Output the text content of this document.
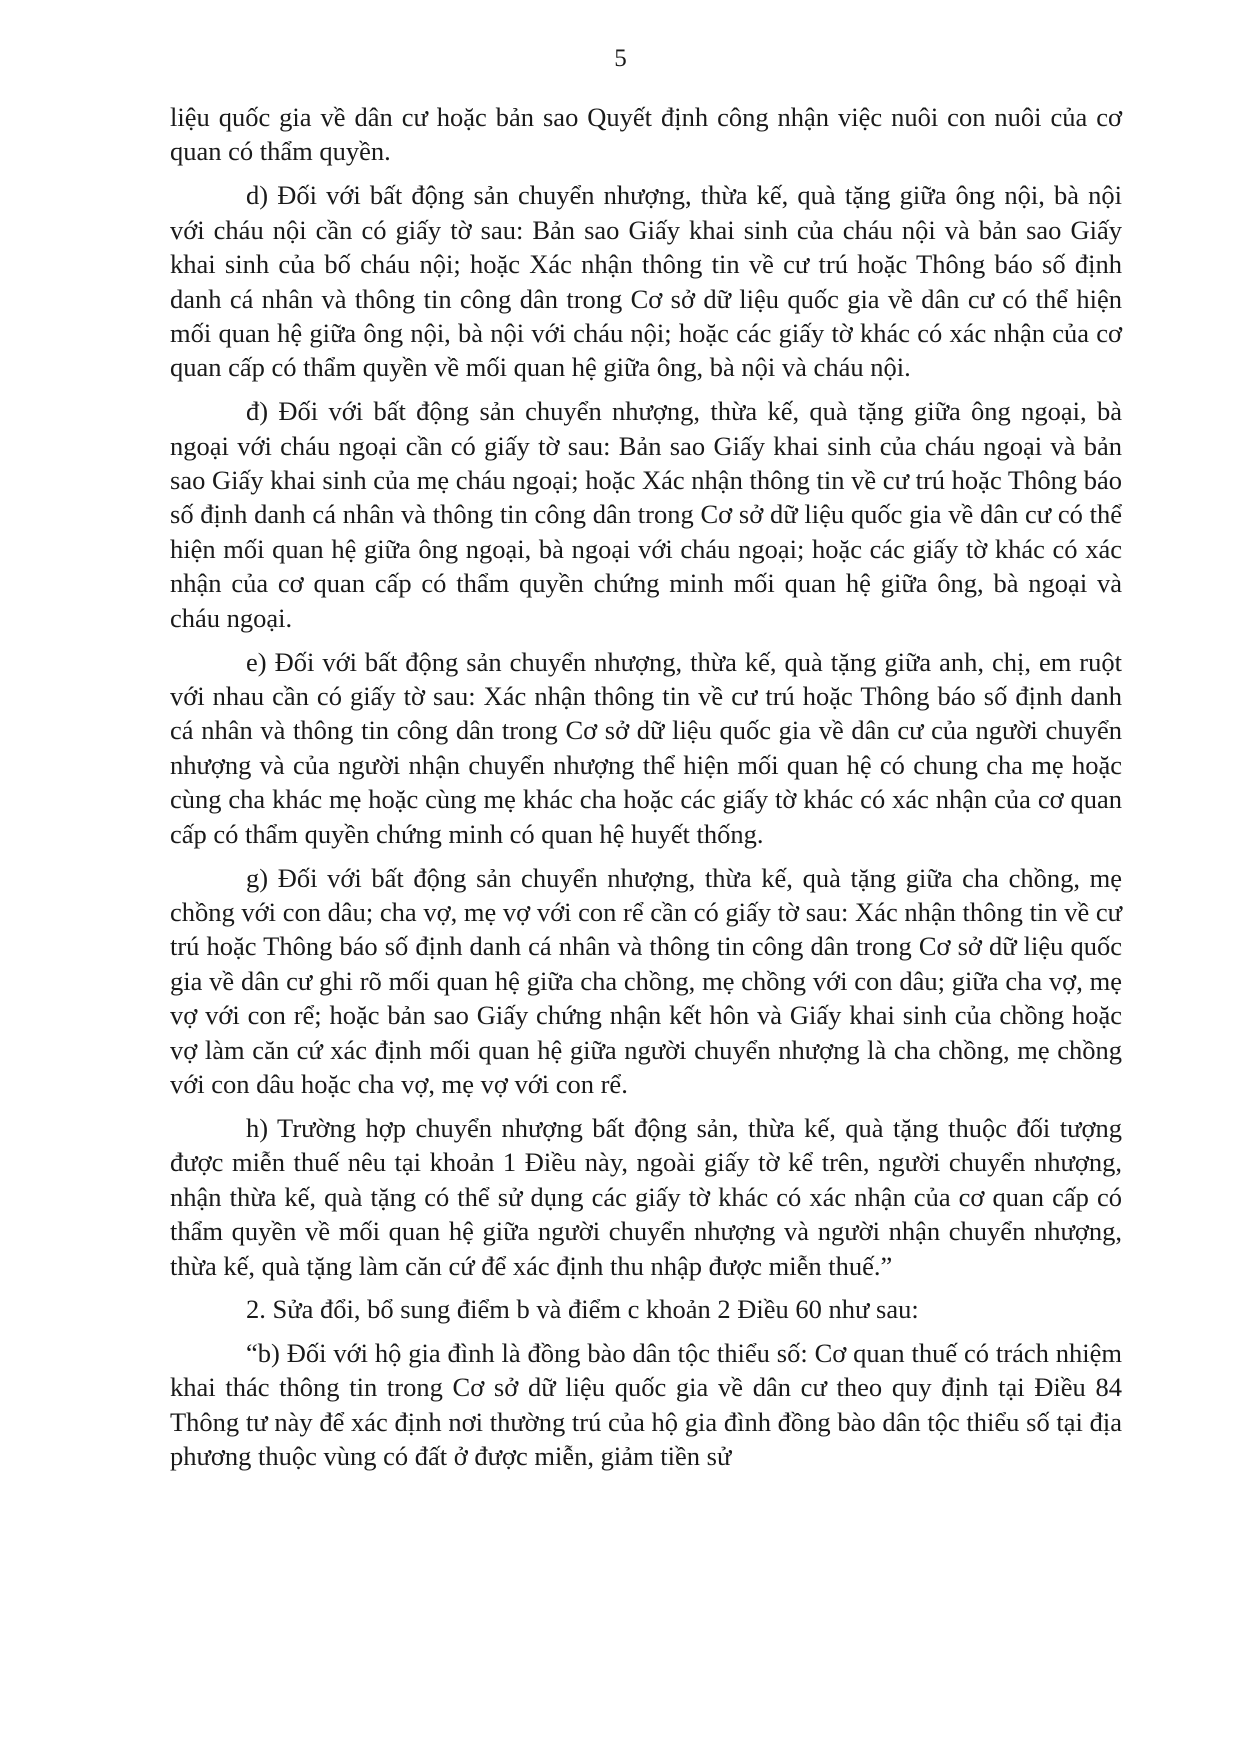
5

liệu quốc gia về dân cư hoặc bản sao Quyết định công nhận việc nuôi con nuôi của cơ quan có thẩm quyền.

d) Đối với bất động sản chuyển nhượng, thừa kế, quà tặng giữa ông nội, bà nội với cháu nội cần có giấy tờ sau: Bản sao Giấy khai sinh của cháu nội và bản sao Giấy khai sinh của bố cháu nội; hoặc Xác nhận thông tin về cư trú hoặc Thông báo số định danh cá nhân và thông tin công dân trong Cơ sở dữ liệu quốc gia về dân cư có thể hiện mối quan hệ giữa ông nội, bà nội với cháu nội; hoặc các giấy tờ khác có xác nhận của cơ quan cấp có thẩm quyền về mối quan hệ giữa ông, bà nội và cháu nội.

đ) Đối với bất động sản chuyển nhượng, thừa kế, quà tặng giữa ông ngoại, bà ngoại với cháu ngoại cần có giấy tờ sau: Bản sao Giấy khai sinh của cháu ngoại và bản sao Giấy khai sinh của mẹ cháu ngoại; hoặc Xác nhận thông tin về cư trú hoặc Thông báo số định danh cá nhân và thông tin công dân trong Cơ sở dữ liệu quốc gia về dân cư có thể hiện mối quan hệ giữa ông ngoại, bà ngoại với cháu ngoại; hoặc các giấy tờ khác có xác nhận của cơ quan cấp có thẩm quyền chứng minh mối quan hệ giữa ông, bà ngoại và cháu ngoại.

e) Đối với bất động sản chuyển nhượng, thừa kế, quà tặng giữa anh, chị, em ruột với nhau cần có giấy tờ sau: Xác nhận thông tin về cư trú hoặc Thông báo số định danh cá nhân và thông tin công dân trong Cơ sở dữ liệu quốc gia về dân cư của người chuyển nhượng và của người nhận chuyển nhượng thể hiện mối quan hệ có chung cha mẹ hoặc cùng cha khác mẹ hoặc cùng mẹ khác cha hoặc các giấy tờ khác có xác nhận của cơ quan cấp có thẩm quyền chứng minh có quan hệ huyết thống.

g) Đối với bất động sản chuyển nhượng, thừa kế, quà tặng giữa cha chồng, mẹ chồng với con dâu; cha vợ, mẹ vợ với con rể cần có giấy tờ sau: Xác nhận thông tin về cư trú hoặc Thông báo số định danh cá nhân và thông tin công dân trong Cơ sở dữ liệu quốc gia về dân cư ghi rõ mối quan hệ giữa cha chồng, mẹ chồng với con dâu; giữa cha vợ, mẹ vợ với con rể; hoặc bản sao Giấy chứng nhận kết hôn và Giấy khai sinh của chồng hoặc vợ làm căn cứ xác định mối quan hệ giữa người chuyển nhượng là cha chồng, mẹ chồng với con dâu hoặc cha vợ, mẹ vợ với con rể.

h) Trường hợp chuyển nhượng bất động sản, thừa kế, quà tặng thuộc đối tượng được miễn thuế nêu tại khoản 1 Điều này, ngoài giấy tờ kể trên, người chuyển nhượng, nhận thừa kế, quà tặng có thể sử dụng các giấy tờ khác có xác nhận của cơ quan cấp có thẩm quyền về mối quan hệ giữa người chuyển nhượng và người nhận chuyển nhượng, thừa kế, quà tặng làm căn cứ để xác định thu nhập được miễn thuế.”

2. Sửa đổi, bổ sung điểm b và điểm c khoản 2 Điều 60 như sau:

“b) Đối với hộ gia đình là đồng bào dân tộc thiểu số: Cơ quan thuế có trách nhiệm khai thác thông tin trong Cơ sở dữ liệu quốc gia về dân cư theo quy định tại Điều 84 Thông tư này để xác định nơi thường trú của hộ gia đình đồng bào dân tộc thiểu số tại địa phương thuộc vùng có đất ở được miễn, giảm tiền sử
